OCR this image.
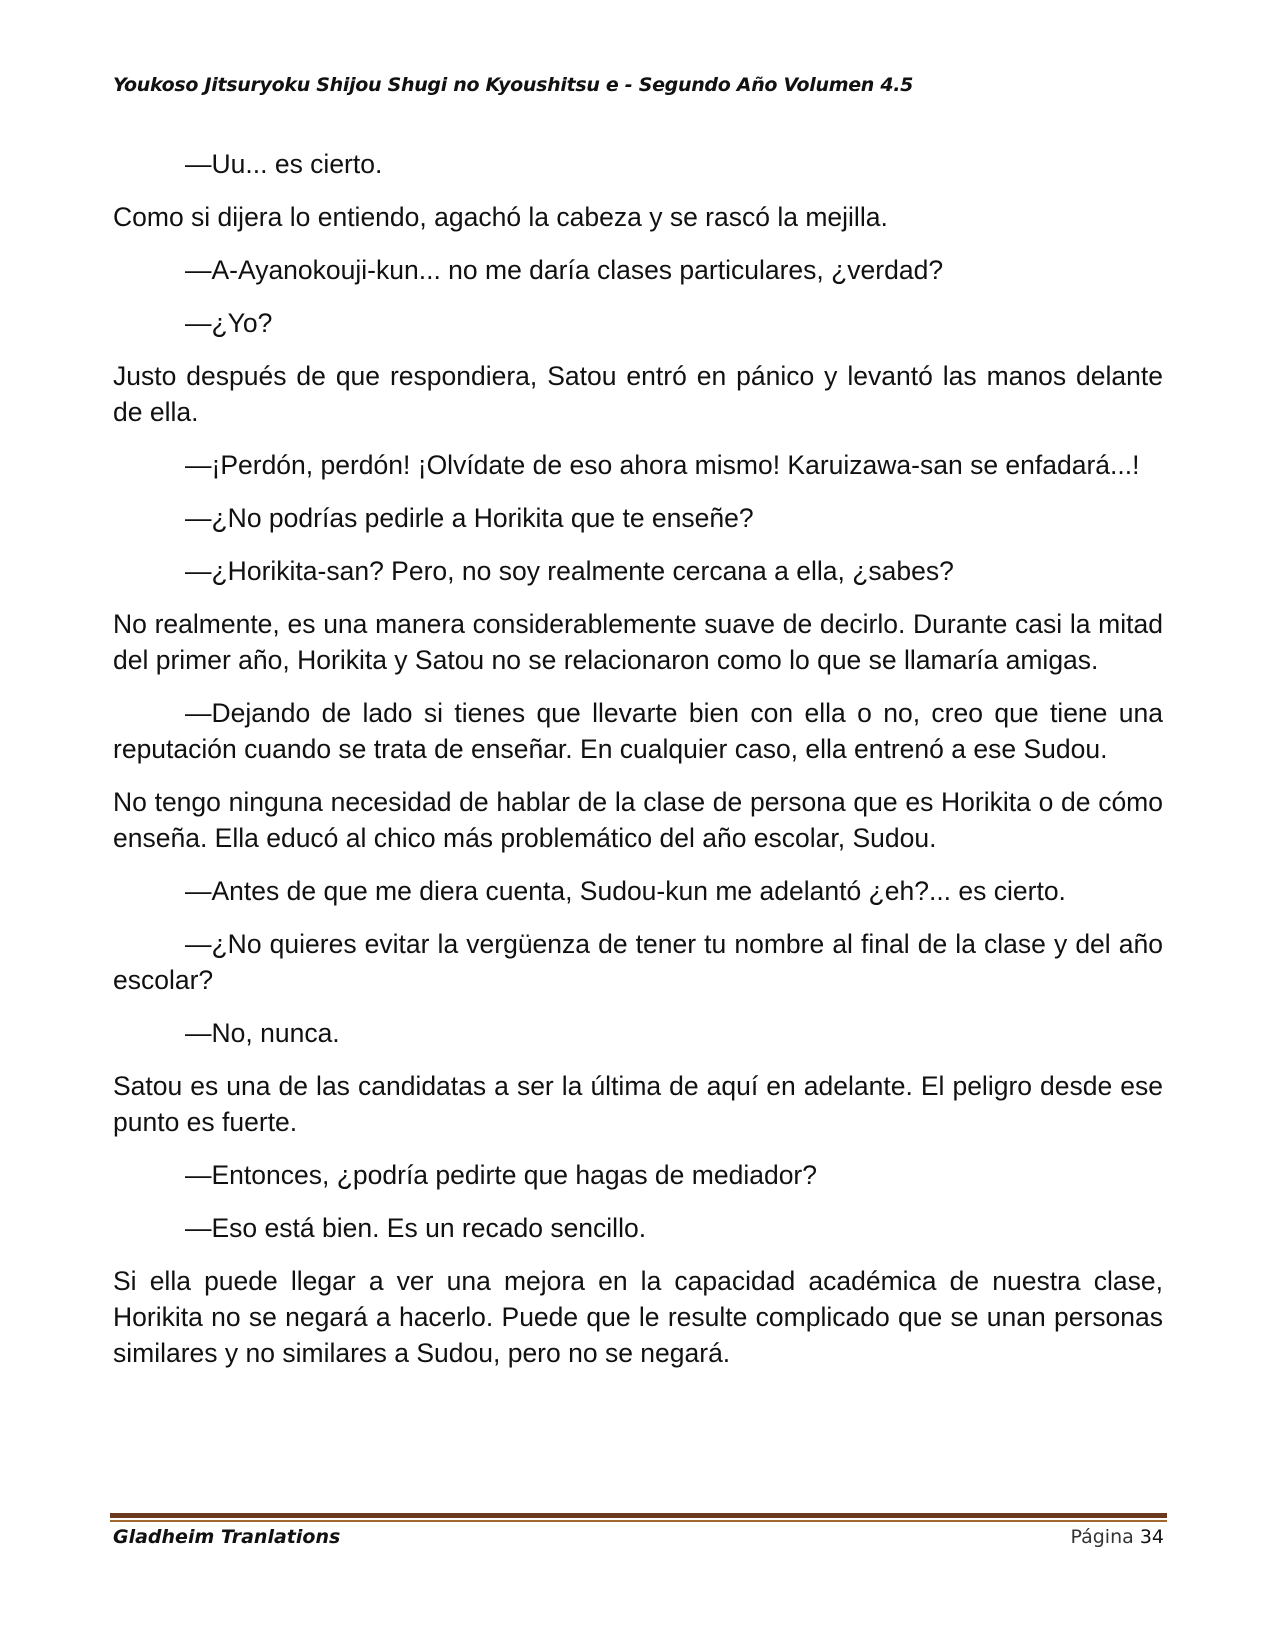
Youkoso Jitsuryoku Shijou Shugi no Kyoushitsu e - Segundo Año Volumen 4.5

—Uu... es cierto.

Como si dijera lo entiendo, agachó la cabeza y se rascó la mejilla.

—A-Ayanokouji-kun... no me daría clases particulares, ¿verdad?

—¿Yo?

Justo después de que respondiera, Satou entró en pánico y levantó las manos delante de ella.

—¡Perdón, perdón! ¡Olvídate de eso ahora mismo! Karuizawa-san se enfadará...!

—¿No podrías pedirle a Horikita que te enseñe?

—¿Horikita-san? Pero, no soy realmente cercana a ella, ¿sabes?

No realmente, es una manera considerablemente suave de decirlo. Durante casi la mitad del primer año, Horikita y Satou no se relacionaron como lo que se llamaría amigas.

—Dejando de lado si tienes que llevarte bien con ella o no, creo que tiene una reputación cuando se trata de enseñar. En cualquier caso, ella entrenó a ese Sudou.

No tengo ninguna necesidad de hablar de la clase de persona que es Horikita o de cómo enseña. Ella educó al chico más problemático del año escolar, Sudou.

—Antes de que me diera cuenta, Sudou-kun me adelantó ¿eh?... es cierto.

—¿No quieres evitar la vergüenza de tener tu nombre al final de la clase y del año escolar?

—No, nunca.

Satou es una de las candidatas a ser la última de aquí en adelante. El peligro desde ese punto es fuerte.

—Entonces, ¿podría pedirte que hagas de mediador?

—Eso está bien. Es un recado sencillo.

Si ella puede llegar a ver una mejora en la capacidad académica de nuestra clase, Horikita no se negará a hacerlo. Puede que le resulte complicado que se unan personas similares y no similares a Sudou, pero no se negará.

Gladheim Tranlations	Página 34
